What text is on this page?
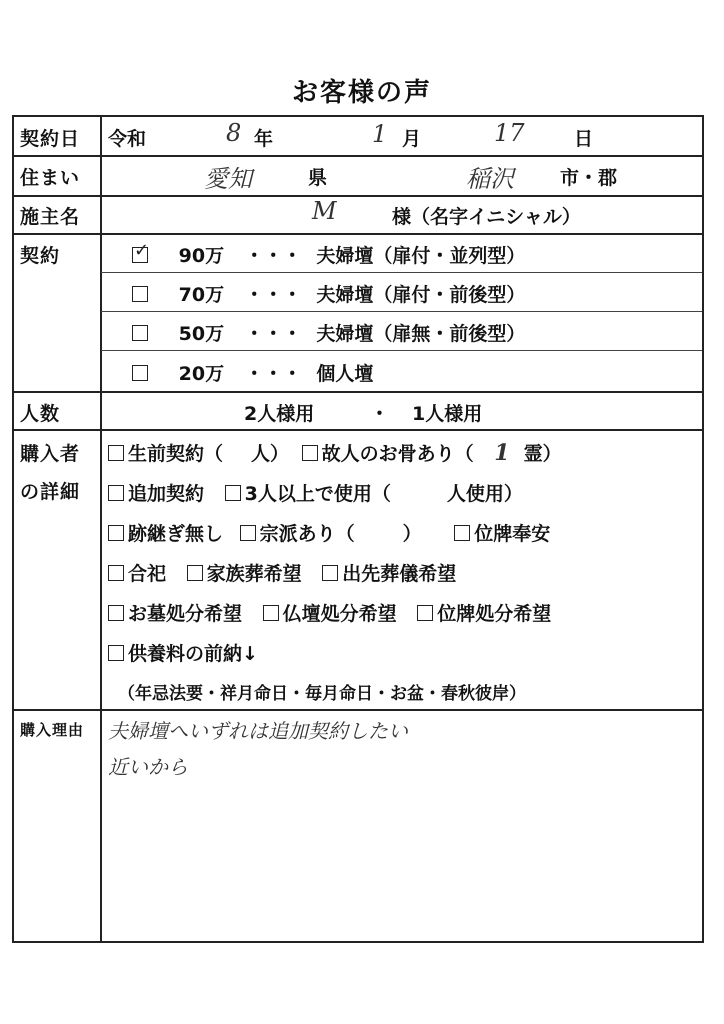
お客様の声
契約日 令和	8 年	1 月	17	日
住まい	愛知	県	稲沢 市・郡
施主名	M	様（名字イニシャル）
契約	✓ 90万 ・・・ 夫婦壇（扉付・並列型）
70万 ・・・ 夫婦壇（扉付・前後型）
50万 ・・・ 夫婦壇（扉無・前後型）
20万 ・・・ 個人壇
人数	2人様用	・ 1人様用
購入者
の詳細
生前契約（ 人） 故人のお骨あり（ 1 霊）
追加契約 3人以上で使用（	人使用）
跡継ぎ無し 宗派あり（	）	位牌奉安
合祀 家族葬希望 出先葬儀希望
お墓処分希望 仏壇処分希望 位牌処分希望
供養料の前納↓
（年忌法要・祥月命日・毎月命日・お盆・春秋彼岸）
購入理由 夫婦壇へいずれは追加契約したい
近いから
